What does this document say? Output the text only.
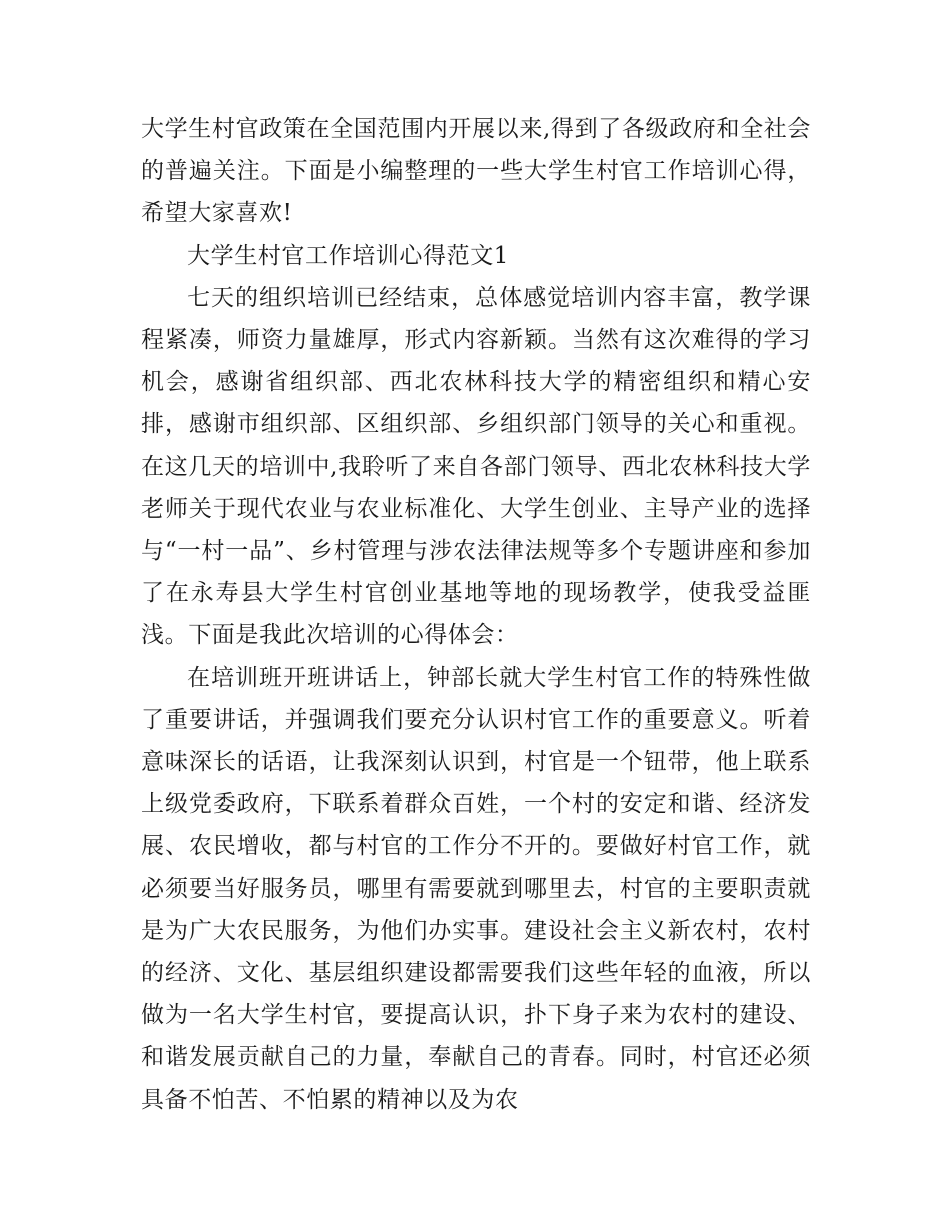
大学生村官政策在全国范围内开展以来,得到了各级政府和全社会的普遍关注。下面是小编整理的一些大学生村官工作培训心得，希望大家喜欢!

大学生村官工作培训心得范文1

七天的组织培训已经结束，总体感觉培训内容丰富，教学课程紧凑，师资力量雄厚，形式内容新颖。当然有这次难得的学习机会，感谢省组织部、西北农林科技大学的精密组织和精心安排，感谢市组织部、区组织部、乡组织部门领导的关心和重视。在这几天的培训中,我聆听了来自各部门领导、西北农林科技大学老师关于现代农业与农业标准化、大学生创业、主导产业的选择与“一村一品”、乡村管理与涉农法律法规等多个专题讲座和参加了在永寿县大学生村官创业基地等地的现场教学，使我受益匪浅。下面是我此次培训的心得体会：

在培训班开班讲话上，钟部长就大学生村官工作的特殊性做了重要讲话，并强调我们要充分认识村官工作的重要意义。听着意味深长的话语，让我深刻认识到，村官是一个钮带，他上联系上级党委政府，下联系着群众百姓，一个村的安定和谐、经济发展、农民增收，都与村官的工作分不开的。要做好村官工作，就必须要当好服务员，哪里有需要就到哪里去，村官的主要职责就是为广大农民服务，为他们办实事。建设社会主义新农村，农村的经济、文化、基层组织建设都需要我们这些年轻的血液，所以做为一名大学生村官，要提高认识，扑下身子来为农村的建设、和谐发展贡献自己的力量，奉献自己的青春。同时，村官还必须具备不怕苦、不怕累的精神以及为农
